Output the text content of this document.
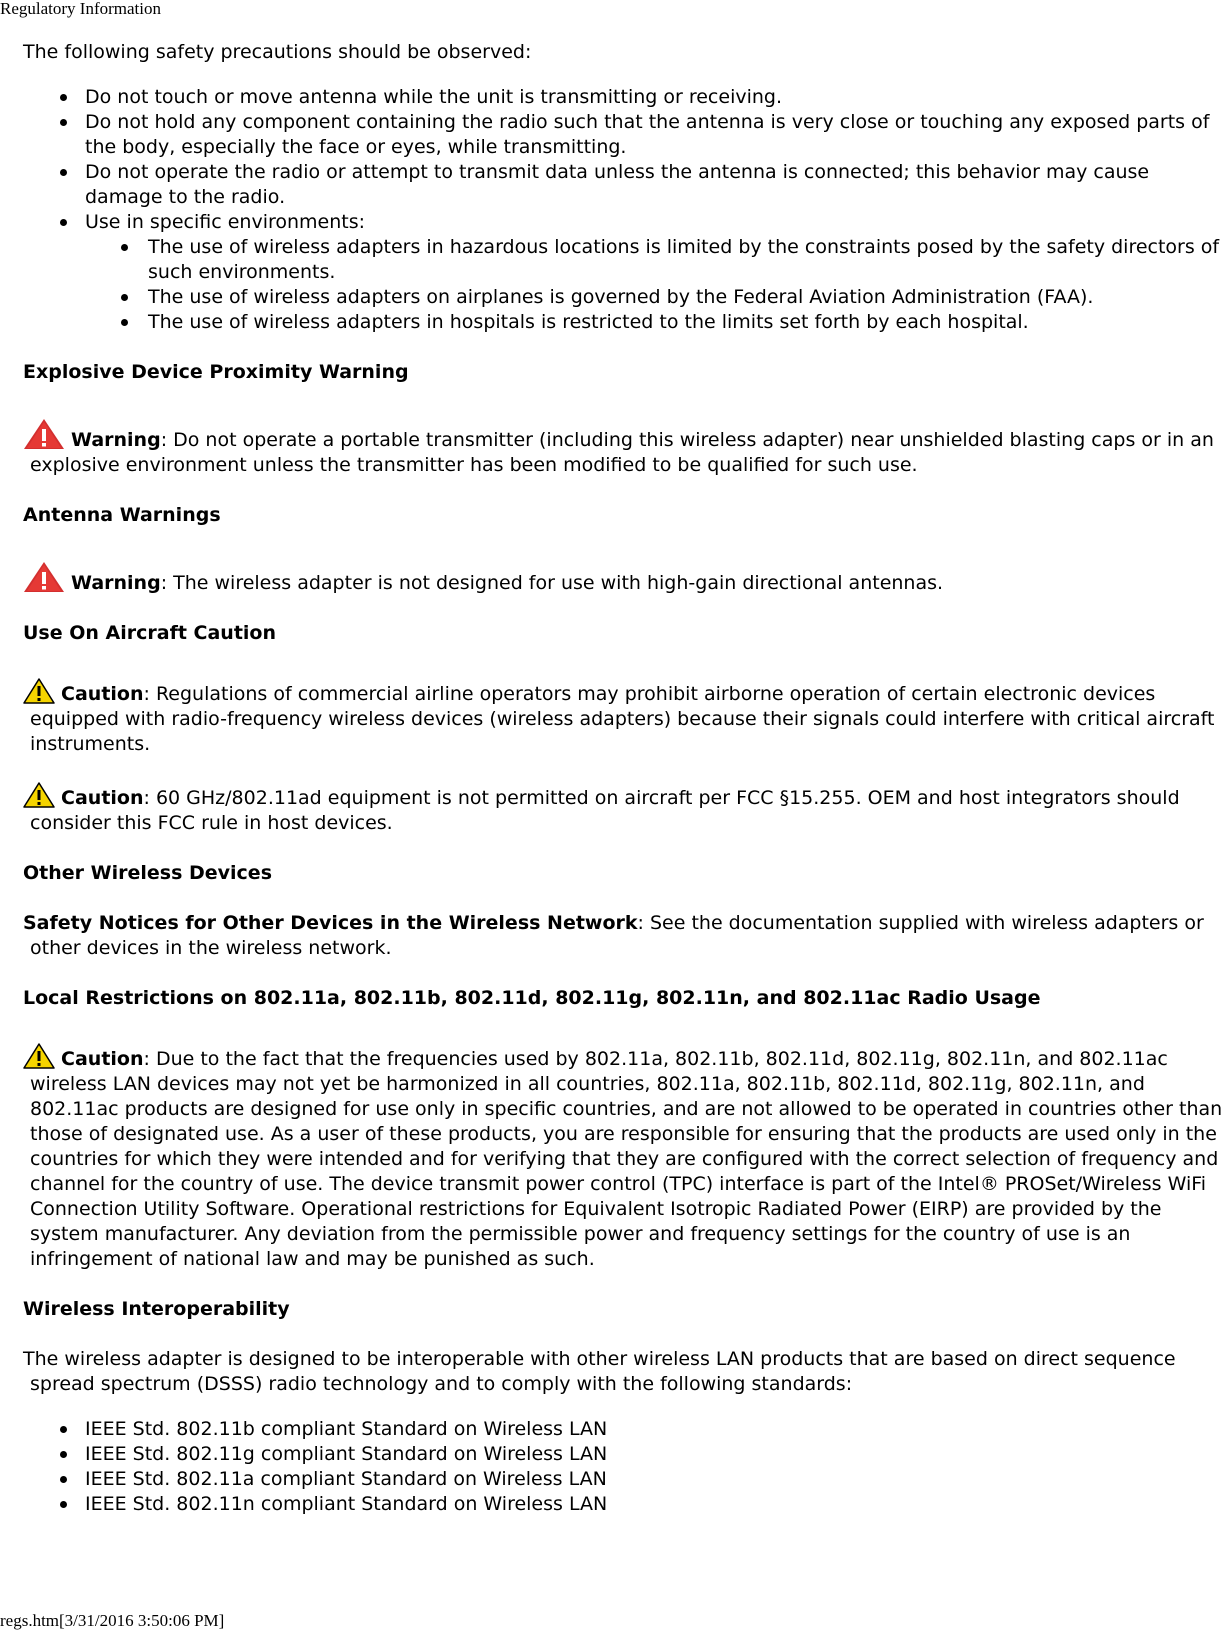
Regulatory Information

The following safety precautions should be observed:

Do not touch or move antenna while the unit is transmitting or receiving.
Do not hold any component containing the radio such that the antenna is very close or touching any exposed parts of the body, especially the face or eyes, while transmitting.
Do not operate the radio or attempt to transmit data unless the antenna is connected; this behavior may cause damage to the radio.
Use in specific environments:
The use of wireless adapters in hazardous locations is limited by the constraints posed by the safety directors of such environments.
The use of wireless adapters on airplanes is governed by the Federal Aviation Administration (FAA).
The use of wireless adapters in hospitals is restricted to the limits set forth by each hospital.
Explosive Device Proximity Warning

Warning: Do not operate a portable transmitter (including this wireless adapter) near unshielded blasting caps or in an explosive environment unless the transmitter has been modified to be qualified for such use.

Antenna Warnings

Warning: The wireless adapter is not designed for use with high-gain directional antennas.

Use On Aircraft Caution

Caution: Regulations of commercial airline operators may prohibit airborne operation of certain electronic devices equipped with radio-frequency wireless devices (wireless adapters) because their signals could interfere with critical aircraft instruments.

Caution: 60 GHz/802.11ad equipment is not permitted on aircraft per FCC §15.255. OEM and host integrators should consider this FCC rule in host devices.

Other Wireless Devices

Safety Notices for Other Devices in the Wireless Network: See the documentation supplied with wireless adapters or other devices in the wireless network.

Local Restrictions on 802.11a, 802.11b, 802.11d, 802.11g, 802.11n, and 802.11ac Radio Usage

Caution: Due to the fact that the frequencies used by 802.11a, 802.11b, 802.11d, 802.11g, 802.11n, and 802.11ac wireless LAN devices may not yet be harmonized in all countries, 802.11a, 802.11b, 802.11d, 802.11g, 802.11n, and 802.11ac products are designed for use only in specific countries, and are not allowed to be operated in countries other than those of designated use. As a user of these products, you are responsible for ensuring that the products are used only in the countries for which they were intended and for verifying that they are configured with the correct selection of frequency and channel for the country of use. The device transmit power control (TPC) interface is part of the Intel® PROSet/Wireless WiFi Connection Utility Software. Operational restrictions for Equivalent Isotropic Radiated Power (EIRP) are provided by the system manufacturer. Any deviation from the permissible power and frequency settings for the country of use is an infringement of national law and may be punished as such.

Wireless Interoperability

The wireless adapter is designed to be interoperable with other wireless LAN products that are based on direct sequence spread spectrum (DSSS) radio technology and to comply with the following standards:

IEEE Std. 802.11b compliant Standard on Wireless LAN
IEEE Std. 802.11g compliant Standard on Wireless LAN
IEEE Std. 802.11a compliant Standard on Wireless LAN
IEEE Std. 802.11n compliant Standard on Wireless LAN
regs.htm[3/31/2016 3:50:06 PM]
